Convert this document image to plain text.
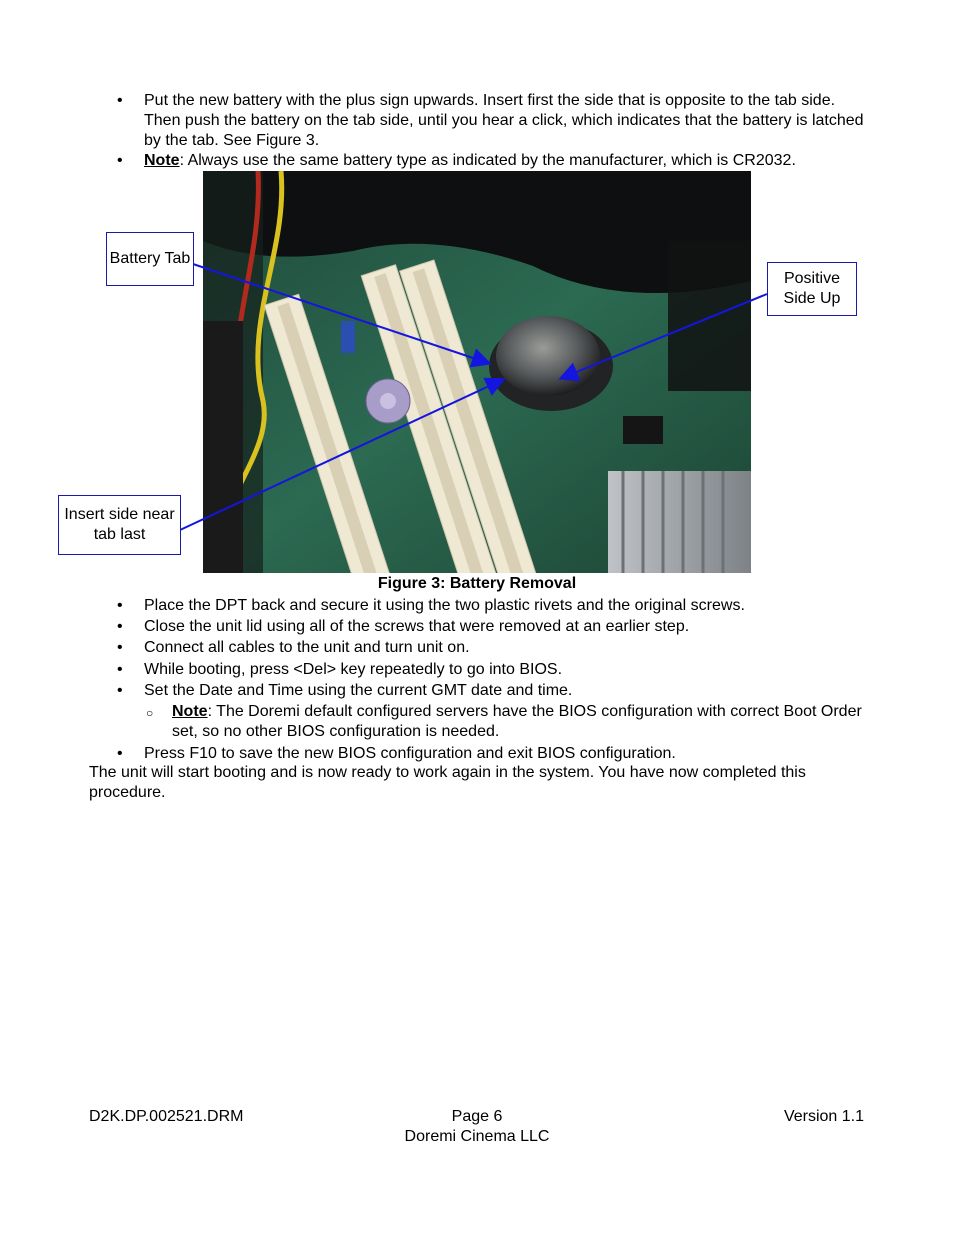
• Put the new battery with the plus sign upwards. Insert first the side that is opposite to the tab side. Then push the battery on the tab side, until you hear a click, which indicates that the battery is latched by the tab. See Figure 3.
• Note: Always use the same battery type as indicated by the manufacturer, which is CR2032.
Battery Tab
Positive Side Up
Insert side near tab last
Figure 3: Battery Removal
• Place the DPT back and secure it using the two plastic rivets and the original screws.
• Close the unit lid using all of the screws that were removed at an earlier step.
• Connect all cables to the unit and turn unit on.
• While booting, press <Del> key repeatedly to go into BIOS.
• Set the Date and Time using the current GMT date and time.
○ Note: The Doremi default configured servers have the BIOS configuration with correct Boot Order set, so no other BIOS configuration is needed.
• Press F10 to save the new BIOS configuration and exit BIOS configuration.
The unit will start booting and is now ready to work again in the system. You have now completed this procedure.
D2K.DP.002521.DRM	Page 6	Version 1.1
Doremi Cinema LLC
